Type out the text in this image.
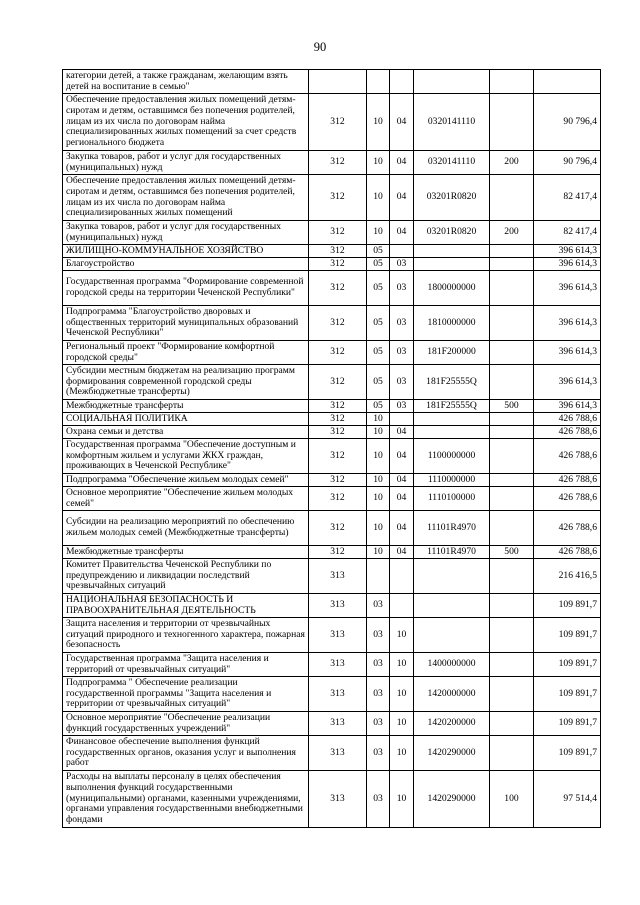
90
категории детей, а также гражданам, желающим взять детей на воспитание в семью"						
Обеспечение предоставления жилых помещений детям-сиротам и детям, оставшимся без попечения родителей, лицам из их числа по договорам найма специализированных жилых помещений за счет средств регионального бюджета	312	10	04	0320141110		90 796,4
Закупка товаров, работ и услуг для государственных (муниципальных) нужд	312	10	04	0320141110	200	90 796,4
Обеспечение предоставления жилых помещений детям-сиротам и детям, оставшимся без попечения родителей, лицам из их числа по договорам найма специализированных жилых помещений	312	10	04	03201R0820		82 417,4
Закупка товаров, работ и услуг для государственных (муниципальных) нужд	312	10	04	03201R0820	200	82 417,4
ЖИЛИЩНО-КОММУНАЛЬНОЕ ХОЗЯЙСТВО	312	05				396 614,3
Благоустройство	312	05	03			396 614,3
Государственная программа "Формирование современной городской среды на территории Чеченской Республики"	312	05	03	1800000000		396 614,3
Подпрограмма "Благоустройство дворовых и общественных территорий муниципальных образований Чеченской Республики"	312	05	03	1810000000		396 614,3
Региональный проект "Формирование комфортной городской среды"	312	05	03	181F200000		396 614,3
Субсидии местным бюджетам на реализацию программ формирования современной городской среды (Межбюджетные трансферты)	312	05	03	181F25555Q		396 614,3
Межбюджетные трансферты	312	05	03	181F25555Q	500	396 614,3
СОЦИАЛЬНАЯ ПОЛИТИКА	312	10				426 788,6
Охрана семьи и детства	312	10	04			426 788,6
Государственная программа "Обеспечение доступным и комфортным жильем и услугами ЖКХ граждан, проживающих в Чеченской Республике"	312	10	04	1100000000		426 788,6
Подпрограмма "Обеспечение жильем молодых семей"	312	10	04	1110000000		426 788,6
Основное мероприятие "Обеспечение жильем молодых семей"	312	10	04	1110100000		426 788,6
Субсидии на реализацию мероприятий по обеспечению жильем молодых семей (Межбюджетные трансферты)	312	10	04	11101R4970		426 788,6
Межбюджетные трансферты	312	10	04	11101R4970	500	426 788,6
Комитет Правительства Чеченской Республики по предупреждению и ликвидации последствий чрезвычайных ситуаций	313					216 416,5
НАЦИОНАЛЬНАЯ БЕЗОПАСНОСТЬ И ПРАВООХРАНИТЕЛЬНАЯ ДЕЯТЕЛЬНОСТЬ	313	03				109 891,7
Защита населения и территории от чрезвычайных ситуаций природного и техногенного характера, пожарная безопасность	313	03	10			109 891,7
Государственная программа "Защита населения и территорий от чрезвычайных ситуаций"	313	03	10	1400000000		109 891,7
Подпрограмма " Обеспечение реализации государственной программы "Защита населения и территории от чрезвычайных ситуаций"	313	03	10	1420000000		109 891,7
Основное мероприятие "Обеспечение реализации функций государственных учреждений"	313	03	10	1420200000		109 891,7
Финансовое обеспечение выполнения функций государственных органов, оказания услуг и выполнения работ	313	03	10	1420290000		109 891,7
Расходы на выплаты персоналу в целях обеспечения выполнения функций государственными (муниципальными) органами, казенными учреждениями, органами управления государственными внебюджетными фондами	313	03	10	1420290000	100	97 514,4
